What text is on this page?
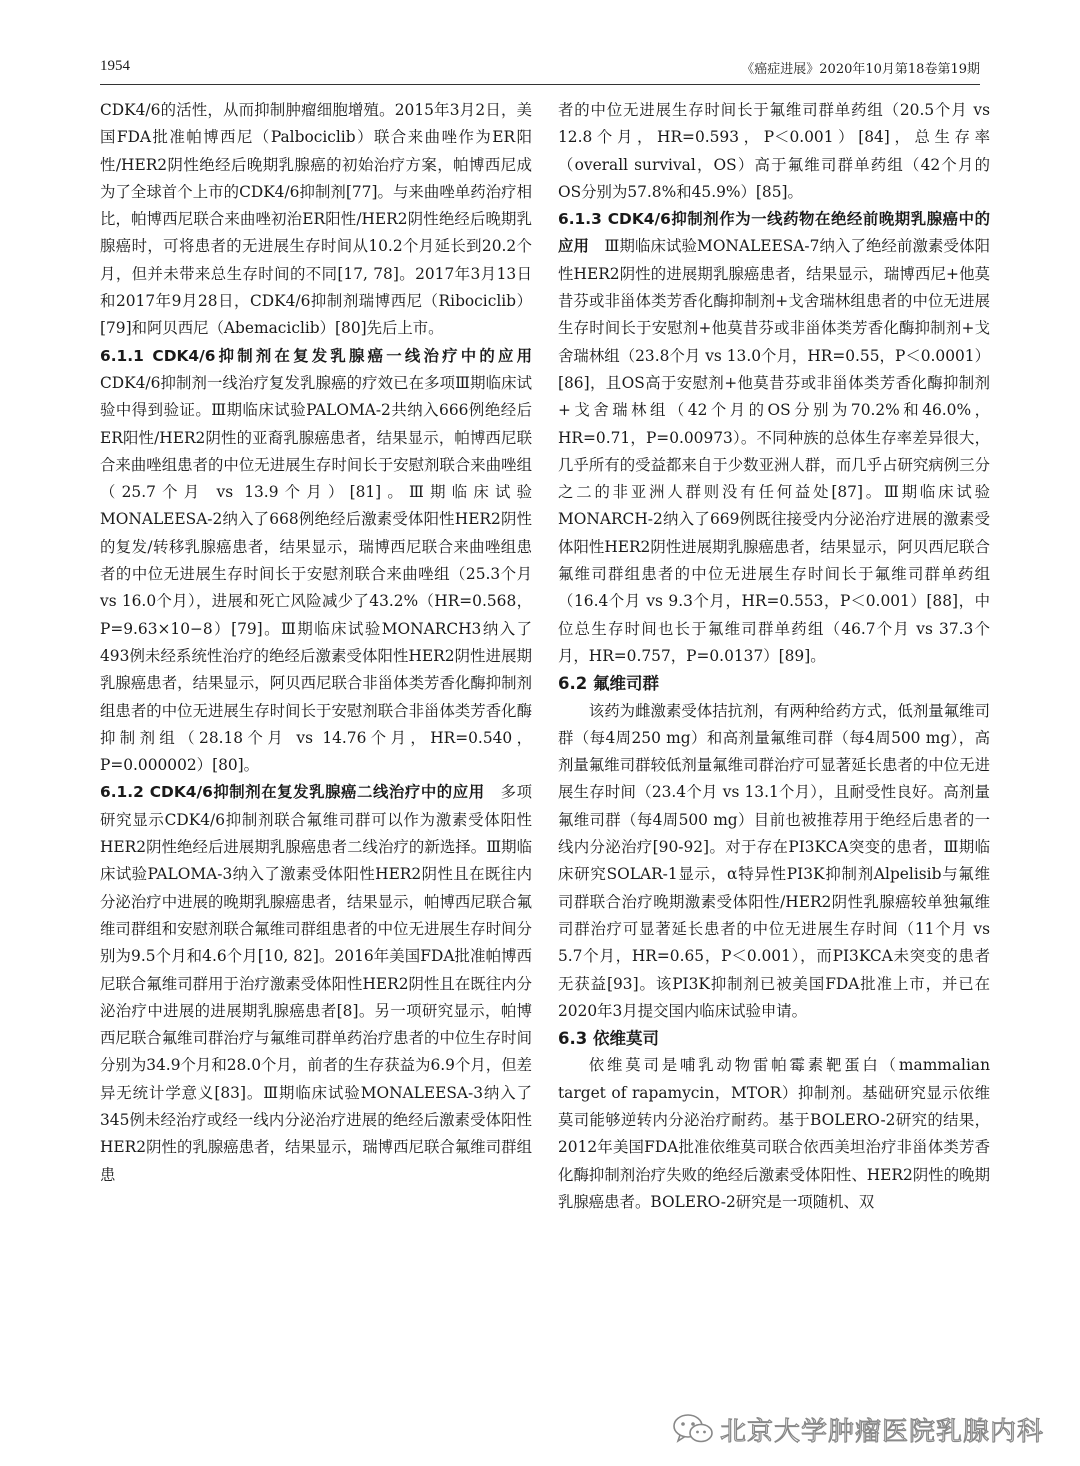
1954	《癌症进展》2020年10月第18卷第19期

CDK4/6的活性，从而抑制肿瘤细胞增殖。2015年3月2日，美国FDA批准帕博西尼（Palbociclib）联合来曲唑作为ER阳性/HER2阴性绝经后晚期乳腺癌的初始治疗方案，帕博西尼成为了全球首个上市的CDK4/6抑制剂[77]。与来曲唑单药治疗相比，帕博西尼联合来曲唑初治ER阳性/HER2阴性绝经后晚期乳腺癌时，可将患者的无进展生存时间从10.2个月延长到20.2个月，但并未带来总生存时间的不同[17, 78]。2017年3月13日和2017年9月28日，CDK4/6抑制剂瑞博西尼（Ribociclib）[79]和阿贝西尼（Abemaciclib）[80]先后上市。

6.1.1 CDK4/6抑制剂在复发乳腺癌一线治疗中的应用　CDK4/6抑制剂一线治疗复发乳腺癌的疗效已在多项Ⅲ期临床试验中得到验证。Ⅲ期临床试验PALOMA-2共纳入666例绝经后ER阳性/HER2阴性的亚裔乳腺癌患者，结果显示，帕博西尼联合来曲唑组患者的中位无进展生存时间长于安慰剂联合来曲唑组（25.7个月 vs 13.9个月）[81]。Ⅲ期临床试验MONALEESA-2纳入了668例绝经后激素受体阳性HER2阴性的复发/转移乳腺癌患者，结果显示，瑞博西尼联合来曲唑组患者的中位无进展生存时间长于安慰剂联合来曲唑组（25.3个月 vs 16.0个月），进展和死亡风险减少了43.2%（HR=0.568，P=9.63×10−8）[79]。Ⅲ期临床试验MONARCH3纳入了493例未经系统性治疗的绝经后激素受体阳性HER2阴性进展期乳腺癌患者，结果显示，阿贝西尼联合非甾体类芳香化酶抑制剂组患者的中位无进展生存时间长于安慰剂联合非甾体类芳香化酶抑制剂组（28.18个月 vs 14.76个月，HR=0.540，P=0.000002）[80]。

6.1.2 CDK4/6抑制剂在复发乳腺癌二线治疗中的应用　 多项研究显示CDK4/6抑制剂联合氟维司群可以作为激素受体阳性HER2阴性绝经后进展期乳腺癌患者二线治疗的新选择。Ⅲ期临床试验PALOMA-3纳入了激素受体阳性HER2阴性且在既往内分泌治疗中进展的晚期乳腺癌患者，结果显示，帕博西尼联合氟维司群组和安慰剂联合氟维司群组患者的中位无进展生存时间分别为9.5个月和4.6个月[10, 82]。2016年美国FDA批准帕博西尼联合氟维司群用于治疗激素受体阳性HER2阴性且在既往内分泌治疗中进展的进展期乳腺癌患者[8]。另一项研究显示，帕博西尼联合氟维司群治疗与氟维司群单药治疗患者的中位生存时间分别为34.9个月和28.0个月，前者的生存获益为6.9个月，但差异无统计学意义[83]。Ⅲ期临床试验MONALEESA-3纳入了345例未经治疗或经一线内分泌治疗进展的绝经后激素受体阳性HER2阴性的乳腺癌患者，结果显示，瑞博西尼联合氟维司群组患

者的中位无进展生存时间长于氟维司群单药组（20.5个月 vs 12.8个月，HR=0.593，P＜0.001）[84]，总生存率（overall survival，OS）高于氟维司群单药组（42个月的OS分别为57.8%和45.9%）[85]。

6.1.3 CDK4/6抑制剂作为一线药物在绝经前晚期乳腺癌中的应用　 Ⅲ期临床试验MONALEESA-7纳入了绝经前激素受体阳性HER2阴性的进展期乳腺癌患者，结果显示，瑞博西尼+他莫昔芬或非甾体类芳香化酶抑制剂+戈舍瑞林组患者的中位无进展生存时间长于安慰剂+他莫昔芬或非甾体类芳香化酶抑制剂+戈舍瑞林组（23.8个月 vs 13.0个月，HR=0.55，P＜0.0001）[86]，且OS高于安慰剂+他莫昔芬或非甾体类芳香化酶抑制剂+戈舍瑞林组（42个月的OS分别为70.2%和46.0%，HR=0.71，P=0.00973）。不同种族的总体生存率差异很大，几乎所有的受益都来自于少数亚洲人群，而几乎占研究病例三分之二的非亚洲人群则没有任何益处[87]。Ⅲ期临床试验MONARCH-2纳入了669例既往接受内分泌治疗进展的激素受体阳性HER2阴性进展期乳腺癌患者，结果显示，阿贝西尼联合氟维司群组患者的中位无进展生存时间长于氟维司群单药组（16.4个月 vs 9.3个月，HR=0.553，P＜0.001）[88]，中位总生存时间也长于氟维司群单药组（46.7个月 vs 37.3个月，HR=0.757，P=0.0137）[89]。

6.2 氟维司群

该药为雌激素受体拮抗剂，有两种给药方式，低剂量氟维司群（每4周250 mg）和高剂量氟维司群（每4周500 mg），高剂量氟维司群较低剂量氟维司群治疗可显著延长患者的中位无进展生存时间（23.4个月 vs 13.1个月），且耐受性良好。高剂量氟维司群（每4周500 mg）目前也被推荐用于绝经后患者的一线内分泌治疗[90-92]。对于存在PI3KCA突变的患者，Ⅲ期临床研究SOLAR-1显示，α特异性PI3K抑制剂Alpelisib与氟维司群联合治疗晚期激素受体阳性/HER2阴性乳腺癌较单独氟维司群治疗可显著延长患者的中位无进展生存时间（11个月 vs 5.7个月，HR=0.65，P＜0.001），而PI3KCA未突变的患者无获益[93]。该PI3K抑制剂已被美国FDA批准上市，并已在2020年3月提交国内临床试验申请。

6.3 依维莫司

依维莫司是哺乳动物雷帕霉素靶蛋白（mammalian target of rapamycin，MTOR）抑制剂。基础研究显示依维莫司能够逆转内分泌治疗耐药。基于BOLERO-2研究的结果，2012年美国FDA批准依维莫司联合依西美坦治疗非甾体类芳香化酶抑制剂治疗失败的绝经后激素受体阳性、HER2阴性的晚期乳腺癌患者。BOLERO-2研究是一项随机、双

北京大学肿瘤医院乳腺内科
